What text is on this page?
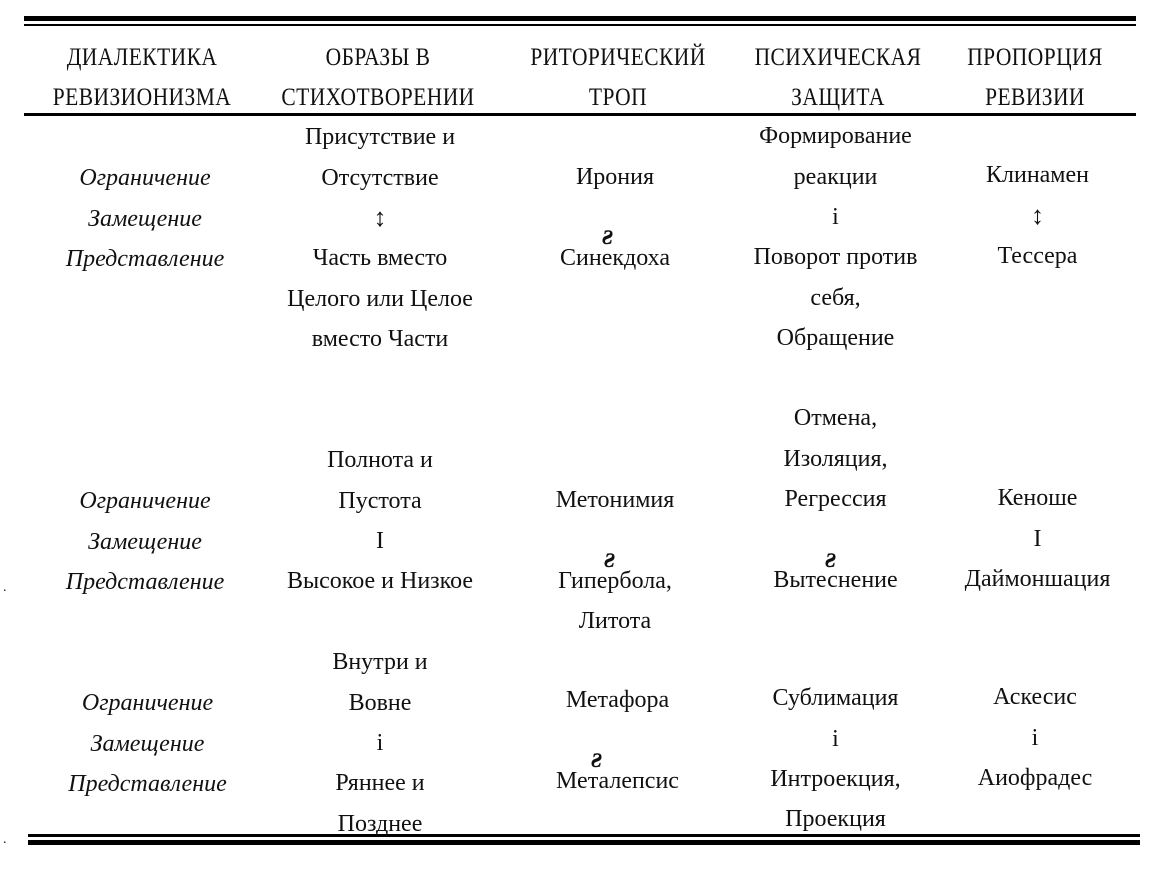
ДИАЛЕКТИКА
РЕВИЗИОНИЗМА
ОБРАЗЫ В
СТИХОТВОРЕНИИ
РИТОРИЧЕСКИЙ
ТРОП
ПСИХИЧЕСКАЯ
ЗАЩИТА
ПРОПОРЦИЯ
РЕВИЗИИ
Ограничение
Замещение
Представление
Присутствие и
Отсутствие
↕
Часть вместо
Целого или Целое
вместо Части
Ирония
Синекдоха
ƨ
Формирование
реакции
i
Поворот против
себя,
Обращение
Клинамен
↕
Тессера
Ограничение
Замещение
Представление
Полнота и
Пустота
I
Высокое и Низкое
Метонимия
Гипербола,
Литота
ƨ
Отмена,
Изоляция,
Регрессия
Вытеснение
ƨ
Кеноше
I
Даймоншация
Ограничение
Замещение
Представление
Внутри и
Вовне
i
Ряннее и
Позднее
Метафора
Металепсис
ƨ
Сублимация
i
Интроекция,
Проекция
Аскесис
i
Аиофрадес
.
.
